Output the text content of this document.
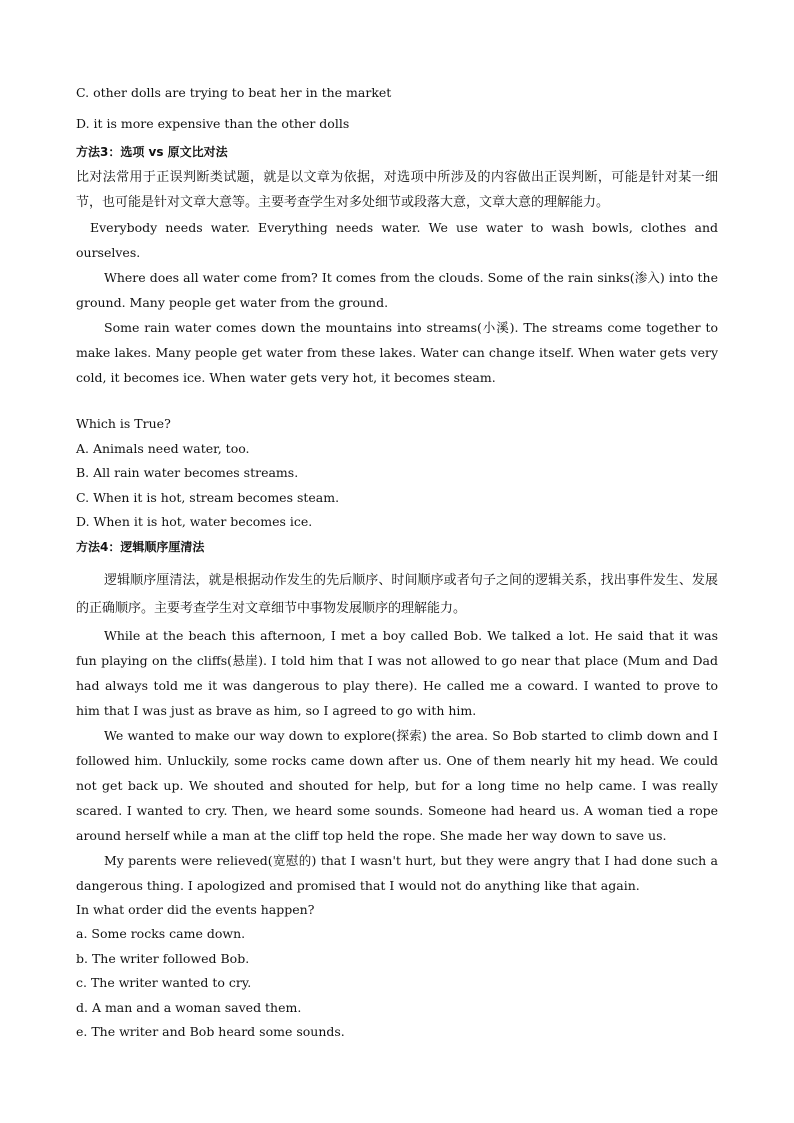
C. other dolls are trying to beat her in the market

D. it is more expensive than the other dolls

方法3：选项 vs 原文比对法

比对法常用于正误判断类试题，就是以文章为依据，对选项中所涉及的内容做出正误判断，可能是针对某一细节，也可能是针对文章大意等。主要考查学生对多处细节或段落大意，文章大意的理解能力。

Everybody needs water. Everything needs water. We use water to wash bowls, clothes and ourselves.

Where does all water come from? It comes from the clouds. Some of the rain sinks(渗入) into the ground. Many people get water from the ground.

Some rain water comes down the mountains into streams(小溪). The streams come together to make lakes. Many people get water from these lakes. Water can change itself. When water gets very cold, it becomes ice. When water gets very hot, it becomes steam.

Which is True?

A. Animals need water, too.

B. All rain water becomes streams.

C. When it is hot, stream becomes steam.

D. When it is hot, water becomes ice.

方法4：逻辑顺序厘清法

逻辑顺序厘清法，就是根据动作发生的先后顺序、时间顺序或者句子之间的逻辑关系，找出事件发生、发展的正确顺序。主要考查学生对文章细节中事物发展顺序的理解能力。

While at the beach this afternoon, I met a boy called Bob. We talked a lot. He said that it was fun playing on the cliffs(悬崖). I told him that I was not allowed to go near that place (Mum and Dad had always told me it was dangerous to play there). He called me a coward. I wanted to prove to him that I was just as brave as him, so I agreed to go with him.

We wanted to make our way down to explore(探索) the area. So Bob started to climb down and I followed him. Unluckily, some rocks came down after us. One of them nearly hit my head. We could not get back up. We shouted and shouted for help, but for a long time no help came. I was really scared. I wanted to cry. Then, we heard some sounds. Someone had heard us. A woman tied a rope around herself while a man at the cliff top held the rope. She made her way down to save us.

My parents were relieved(宽慰的) that I wasn't hurt, but they were angry that I had done such a dangerous thing. I apologized and promised that I would not do anything like that again.

In what order did the events happen?

a. Some rocks came down.

b. The writer followed Bob.

c. The writer wanted to cry.

d. A man and a woman saved them.

e. The writer and Bob heard some sounds.
